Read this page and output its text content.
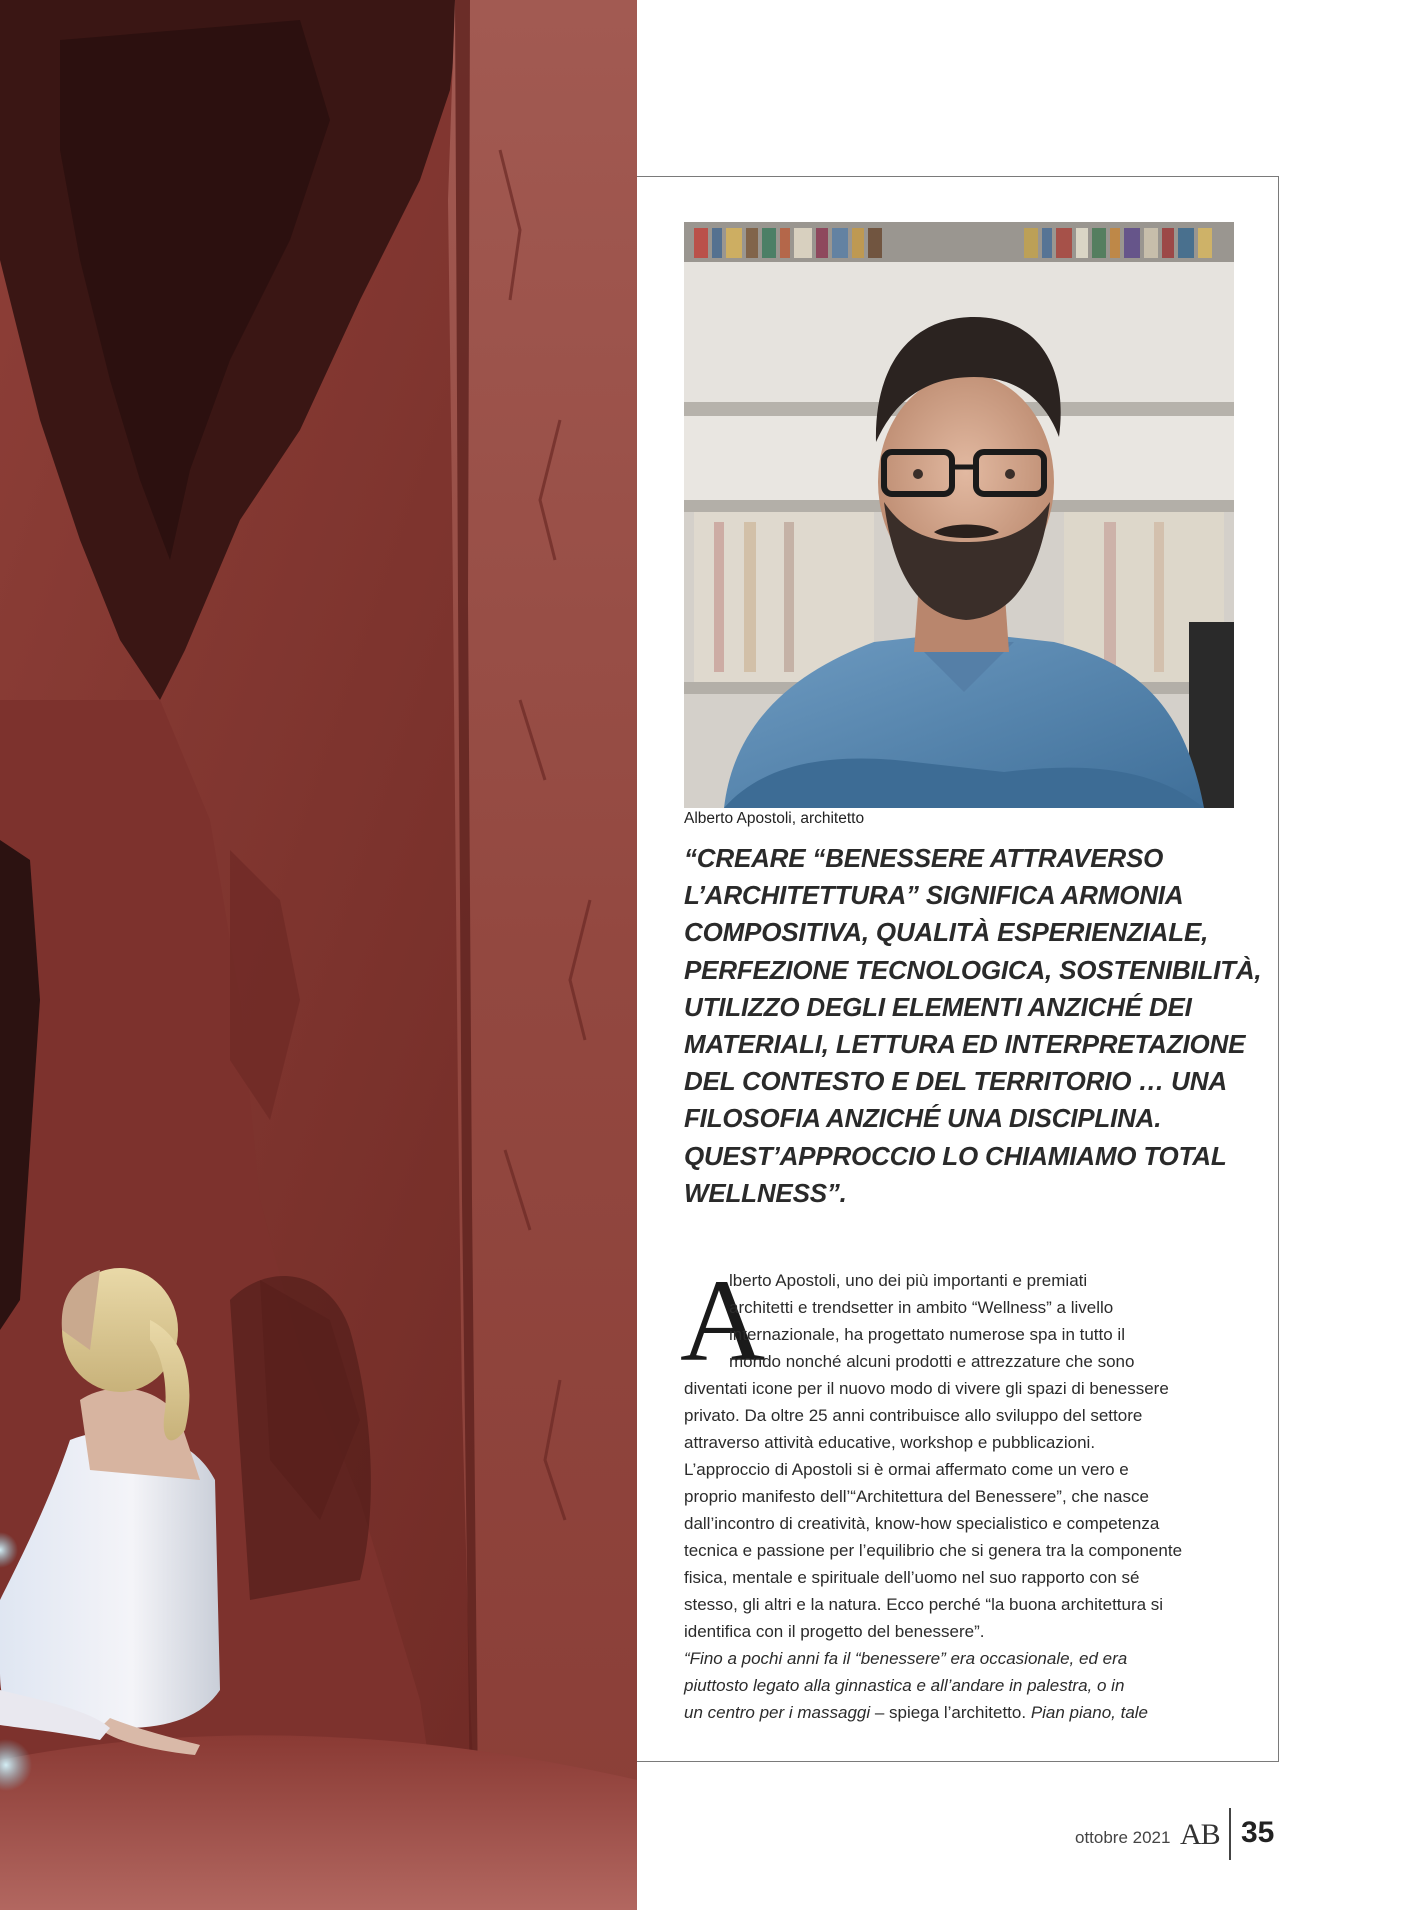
Alberto Apostoli, architetto

“CREARE “BENESSERE ATTRAVERSO
L’ARCHITETTURA” SIGNIFICA ARMONIA
COMPOSITIVA, QUALITÀ ESPERIENZIALE,
PERFEZIONE TECNOLOGICA, SOSTENIBILITÀ,
UTILIZZO DEGLI ELEMENTI ANZICHÉ DEI
MATERIALI, LETTURA ED INTERPRETAZIONE
DEL CONTESTO E DEL TERRITORIO … UNA
FILOSOFIA ANZICHÉ UNA DISCIPLINA.
QUEST’APPROCCIO LO CHIAMIAMO TOTAL
WELLNESS”.

A
lberto Apostoli, uno dei più importanti e premiati
architetti e trendsetter in ambito “Wellness” a livello
internazionale, ha progettato numerose spa in tutto il
mondo nonché alcuni prodotti e attrezzature che sono
diventati icone per il nuovo modo di vivere gli spazi di benessere
privato. Da oltre 25 anni contribuisce allo sviluppo del settore
attraverso attività educative, workshop e pubblicazioni.
L’approccio di Apostoli si è ormai affermato come un vero e
proprio manifesto dell’“Architettura del Benessere”, che nasce
dall’incontro di creatività, know-how specialistico e competenza
tecnica e passione per l’equilibrio che si genera tra la componente
fisica, mentale e spirituale dell’uomo nel suo rapporto con sé
stesso, gli altri e la natura. Ecco perché “la buona architettura si
identifica con il progetto del benessere”.
“Fino a pochi anni fa il “benessere” era occasionale, ed era
piuttosto legato alla ginnastica e all’andare in palestra, o in
un centro per i massaggi – spiega l’architetto. Pian piano, tale
ottobre 2021 AB 35
